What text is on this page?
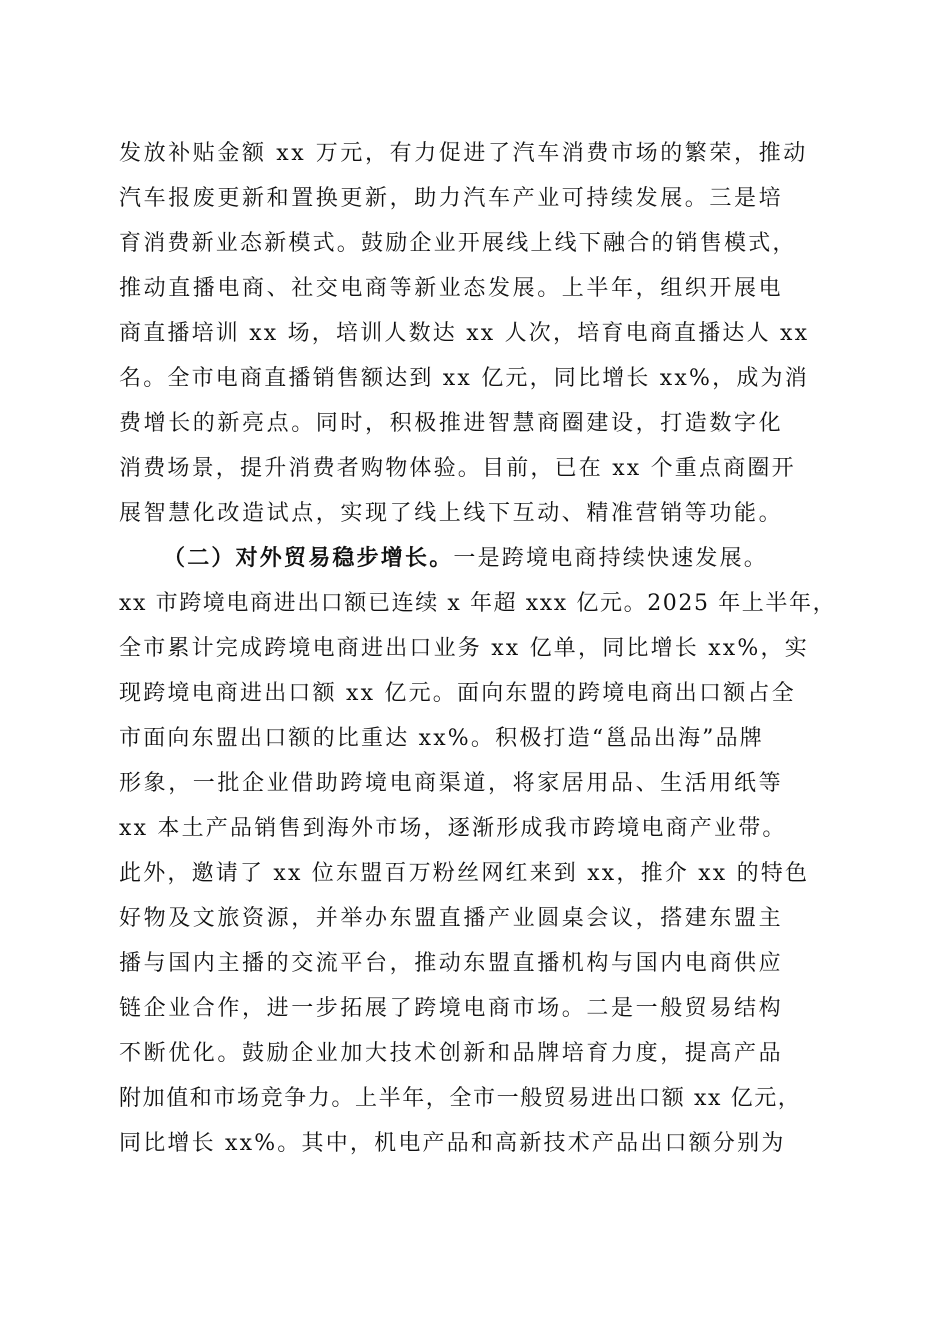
发放补贴金额 xx 万元，有力促进了汽车消费市场的繁荣，推动
汽车报废更新和置换更新，助力汽车产业可持续发展。三是培
育消费新业态新模式。鼓励企业开展线上线下融合的销售模式，
推动直播电商、社交电商等新业态发展。上半年，组织开展电
商直播培训 xx 场，培训人数达 xx 人次，培育电商直播达人 xx
名。全市电商直播销售额达到 xx 亿元，同比增长 xx%，成为消
费增长的新亮点。同时，积极推进智慧商圈建设，打造数字化
消费场景，提升消费者购物体验。目前，已在 xx 个重点商圈开
展智慧化改造试点，实现了线上线下互动、精准营销等功能。
（二）对外贸易稳步增长。一是跨境电商持续快速发展。
xx 市跨境电商进出口额已连续 x 年超 xxx 亿元。2025 年上半年，
全市累计完成跨境电商进出口业务 xx 亿单，同比增长 xx%，实
现跨境电商进出口额 xx 亿元。面向东盟的跨境电商出口额占全
市面向东盟出口额的比重达 xx%。积极打造“邕品出海”品牌
形象，一批企业借助跨境电商渠道，将家居用品、生活用纸等
xx 本土产品销售到海外市场，逐渐形成我市跨境电商产业带。
此外，邀请了 xx 位东盟百万粉丝网红来到 xx，推介 xx 的特色
好物及文旅资源，并举办东盟直播产业圆桌会议，搭建东盟主
播与国内主播的交流平台，推动东盟直播机构与国内电商供应
链企业合作，进一步拓展了跨境电商市场。二是一般贸易结构
不断优化。鼓励企业加大技术创新和品牌培育力度，提高产品
附加值和市场竞争力。上半年，全市一般贸易进出口额 xx 亿元，
同比增长 xx%。其中，机电产品和高新技术产品出口额分别为
